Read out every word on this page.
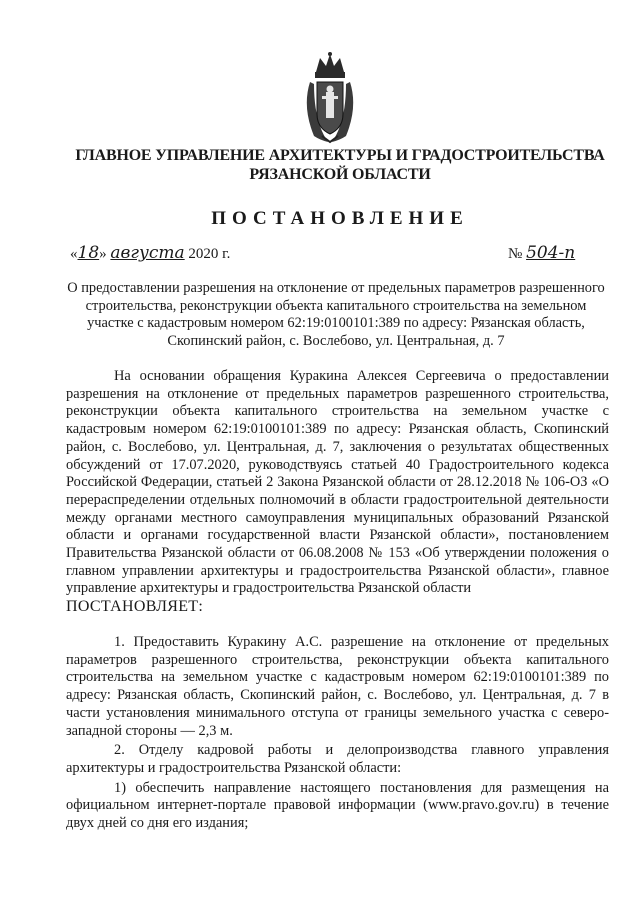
ГЛАВНОЕ УПРАВЛЕНИЕ АРХИТЕКТУРЫ И ГРАДОСТРОИТЕЛЬСТВА
РЯЗАНСКОЙ ОБЛАСТИ
ПОСТАНОВЛЕНИЕ
«18» августа 2020 г.	№ 504-п
О предоставлении разрешения на отклонение от предельных параметров разрешенного строительства, реконструкции объекта капитального строительства на земельном участке с кадастровым номером 62:19:0100101:389 по адресу: Рязанская область, Скопинский район, с. Вослебово, ул. Центральная, д. 7

На основании обращения Куракина Алексея Сергеевича о предоставлении разрешения на отклонение от предельных параметров разрешенного строительства, реконструкции объекта капитального строительства на земельном участке с кадастровым номером 62:19:0100101:389 по адресу: Рязанская область, Скопинский район, с. Вослебово, ул. Центральная, д. 7, заключения о результатах общественных обсуждений от 17.07.2020, руководствуясь статьей 40 Градостроительного кодекса Российской Федерации, статьей 2 Закона Рязанской области от 28.12.2018 № 106-ОЗ «О перераспределении отдельных полномочий в области градостроительной деятельности между органами местного самоуправления муниципальных образований Рязанской области и органами государственной власти Рязанской области», постановлением Правительства Рязанской области от 06.08.2008 № 153 «Об утверждении положения о главном управлении архитектуры и градостроительства Рязанской области», главное управление архитектуры и градостроительства Рязанской области
ПОСТАНОВЛЯЕТ:

1. Предоставить Куракину А.С. разрешение на отклонение от предельных параметров разрешенного строительства, реконструкции объекта капитального строительства на земельном участке с кадастровым номером 62:19:0100101:389 по адресу: Рязанская область, Скопинский район, с. Вослебово, ул. Центральная, д. 7 в части установления минимального отступа от границы земельного участка с северо-западной стороны — 2,3 м.

2. Отделу кадровой работы и делопроизводства главного управления архитектуры и градостроительства Рязанской области:

1) обеспечить направление настоящего постановления для размещения на официальном интернет-портале правовой информации (www.pravo.gov.ru) в течение двух дней со дня его издания;
